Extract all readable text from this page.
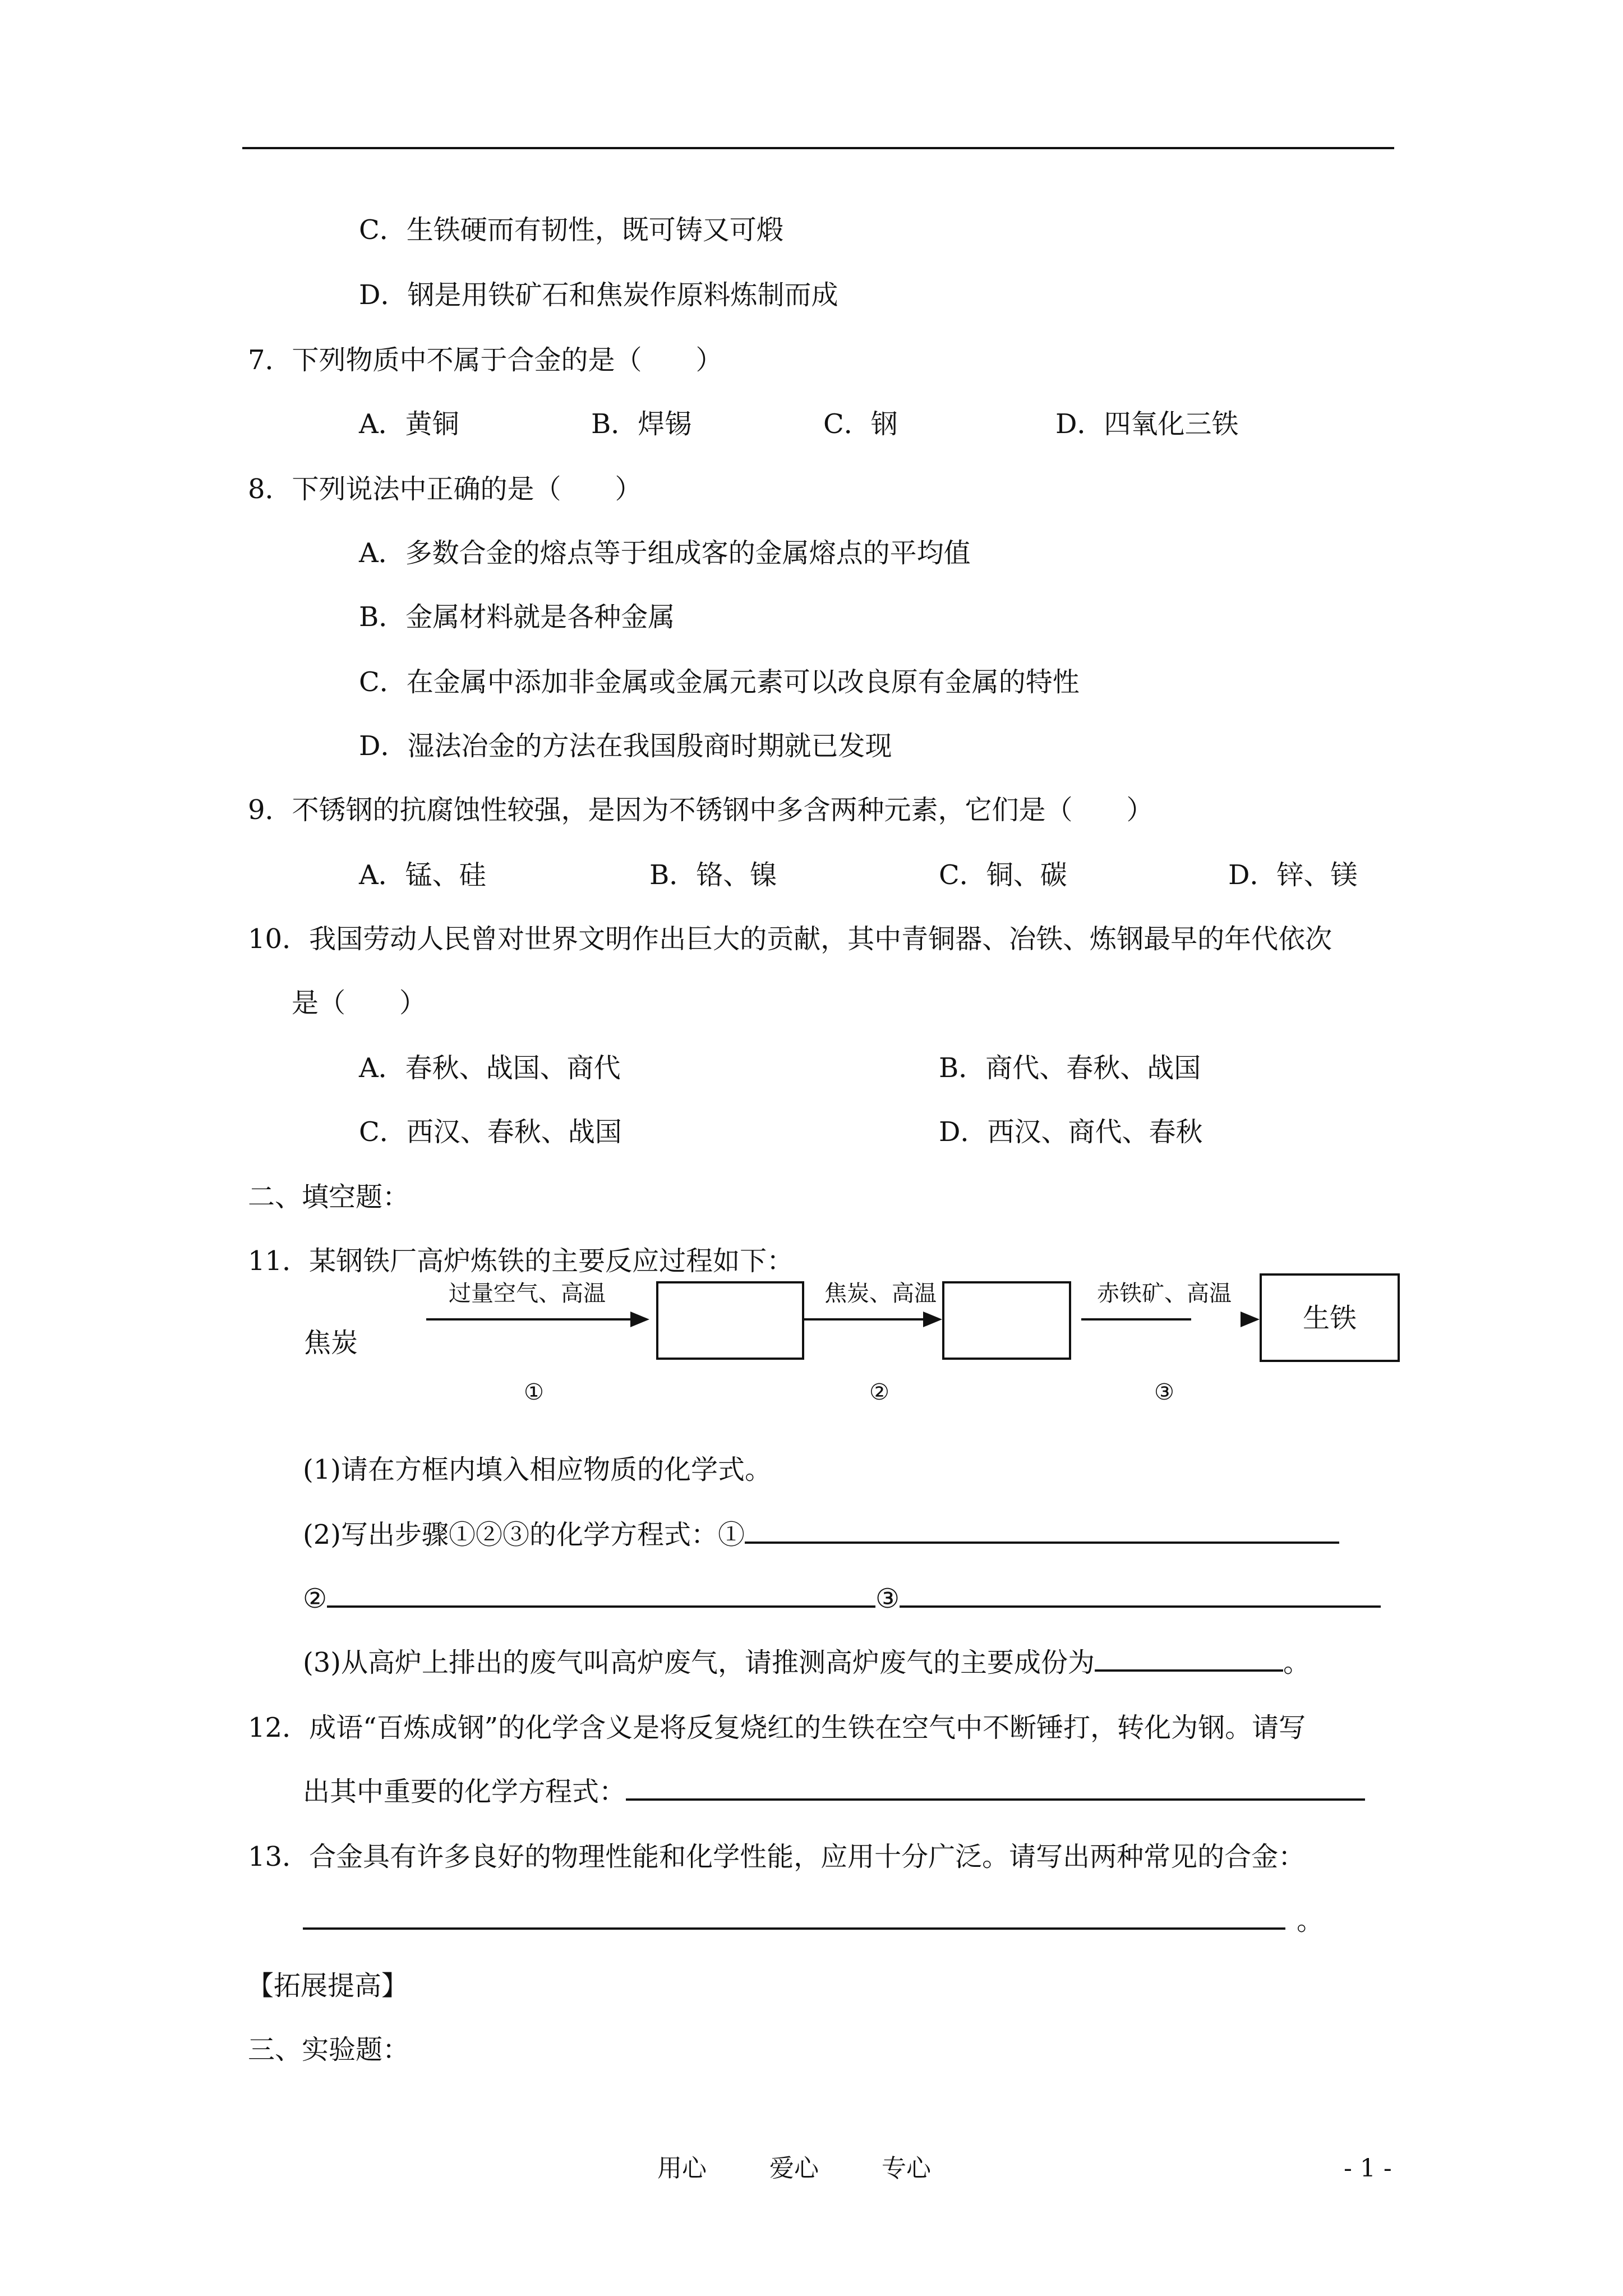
C．生铁硬而有韧性，既可铸又可煅
D．钢是用铁矿石和焦炭作原料炼制而成
7．下列物质中不属于合金的是（　　）
A．黄铜	B．焊锡	C．钢	D．四氧化三铁
8．下列说法中正确的是（　　）
A．多数合金的熔点等于组成客的金属熔点的平均值
B．金属材料就是各种金属
C．在金属中添加非金属或金属元素可以改良原有金属的特性
D．湿法冶金的方法在我国殷商时期就已发现
9．不锈钢的抗腐蚀性较强，是因为不锈钢中多含两种元素，它们是（　　）
A．锰、硅	B．铬、镍	C．铜、碳	D．锌、镁
10．我国劳动人民曾对世界文明作出巨大的贡献，其中青铜器、冶铁、炼钢最早的年代依次
是（　　）
A．春秋、战国、商代	B．商代、春秋、战国
C．西汉、春秋、战国	D．西汉、商代、春秋
二、填空题：
11．某钢铁厂高炉炼铁的主要反应过程如下：
焦炭
过量空气、高温
①
焦炭、高温
②
赤铁矿、高温
③
生铁
(1)请在方框内填入相应物质的化学式。
(2)写出步骤①②③的化学方程式：①
②	③
(3)从高炉上排出的废气叫高炉废气，请推测高炉废气的主要成份为	。
12．成语“百炼成钢”的化学含义是将反复烧红的生铁在空气中不断锤打，转化为钢。请写
出其中重要的化学方程式：
13．合金具有许多良好的物理性能和化学性能，应用十分广泛。请写出两种常见的合金：
。
【拓展提高】
三、实验题：
用心	爱心	专心	- 1 -
